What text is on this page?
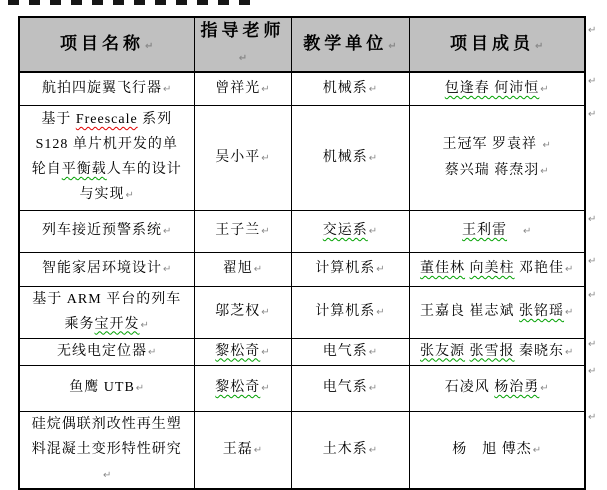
项目名称↵	指导老师↵	教学单位↵	项目成员↵
航拍四旋翼飞行器↵	曾祥光↵	机械系↵	包逢春 何沛恒↵
基于 Freescale 系列 S128 单片机开发的单轮自平衡载人车的设计与实现↵	吴小平↵	机械系↵	王冠军 罗袁祥 ↵
蔡兴瑞 蒋焘羽↵

列车接近预警系统↵	王子兰↵	交运系↵	王利雷　 ↵
智能家居环境设计↵	翟旭↵	计算机系↵	董佳林 向美柱 邓艳佳↵
基于 ARM 平台的列车乘务宝开发↵	邬芝权↵	计算机系↵	王嘉良 崔志斌 张铭瑶↵
无线电定位器↵	黎松奇↵	电气系↵	张友源 张雪报 秦晓东↵
鱼鹰 UTB↵	黎松奇↵	电气系↵	石凌风 杨治勇↵
硅烷偶联剂改性再生塑料混凝土变形特性研究↵	王磊↵	土木系↵	杨　旭 傅杰↵
↵
↵
↵
↵
↵
↵
↵
↵
↵
